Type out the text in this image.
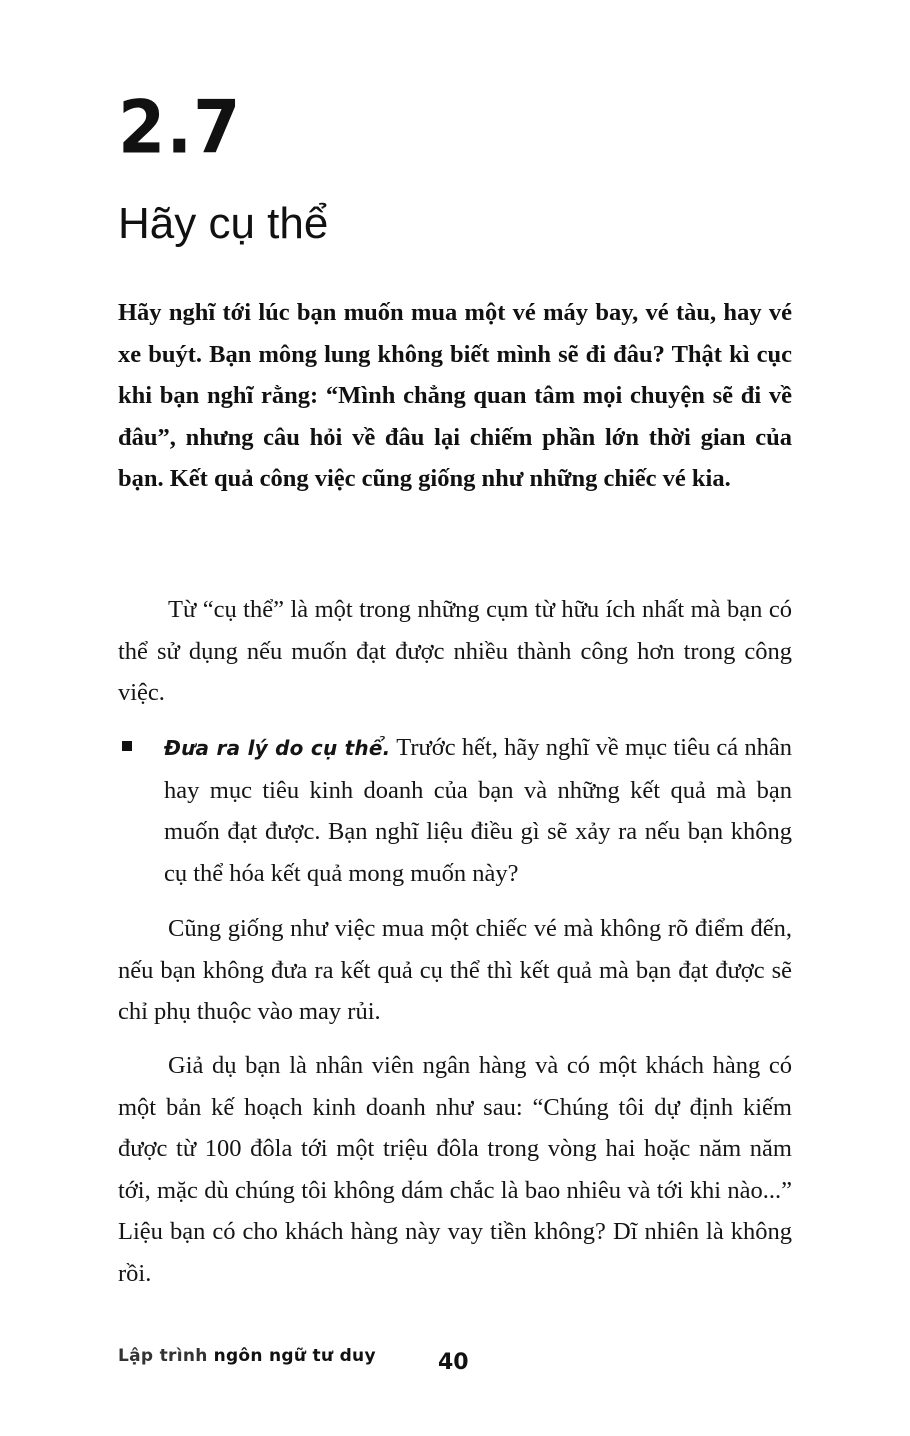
2.7
Hãy cụ thể

Hãy nghĩ tới lúc bạn muốn mua một vé máy bay, vé tàu, hay vé xe buýt. Bạn mông lung không biết mình sẽ đi đâu? Thật kì cục khi bạn nghĩ rằng: “Mình chẳng quan tâm mọi chuyện sẽ đi về đâu”, nhưng câu hỏi về đâu lại chiếm phần lớn thời gian của bạn. Kết quả công việc cũng giống như những chiếc vé kia.

Từ “cụ thể” là một trong những cụm từ hữu ích nhất mà bạn có thể sử dụng nếu muốn đạt được nhiều thành công hơn trong công việc.

Đưa ra lý do cụ thể. Trước hết, hãy nghĩ về mục tiêu cá nhân hay mục tiêu kinh doanh của bạn và những kết quả mà bạn muốn đạt được. Bạn nghĩ liệu điều gì sẽ xảy ra nếu bạn không cụ thể hóa kết quả mong muốn này?

Cũng giống như việc mua một chiếc vé mà không rõ điểm đến, nếu bạn không đưa ra kết quả cụ thể thì kết quả mà bạn đạt được sẽ chỉ phụ thuộc vào may rủi.

Giả dụ bạn là nhân viên ngân hàng và có một khách hàng có một bản kế hoạch kinh doanh như sau: “Chúng tôi dự định kiếm được từ 100 đôla tới một triệu đôla trong vòng hai hoặc năm năm tới, mặc dù chúng tôi không dám chắc là bao nhiêu và tới khi nào...” Liệu bạn có cho khách hàng này vay tiền không? Dĩ nhiên là không rồi.

Lập trình ngôn ngữ tư duy	40
